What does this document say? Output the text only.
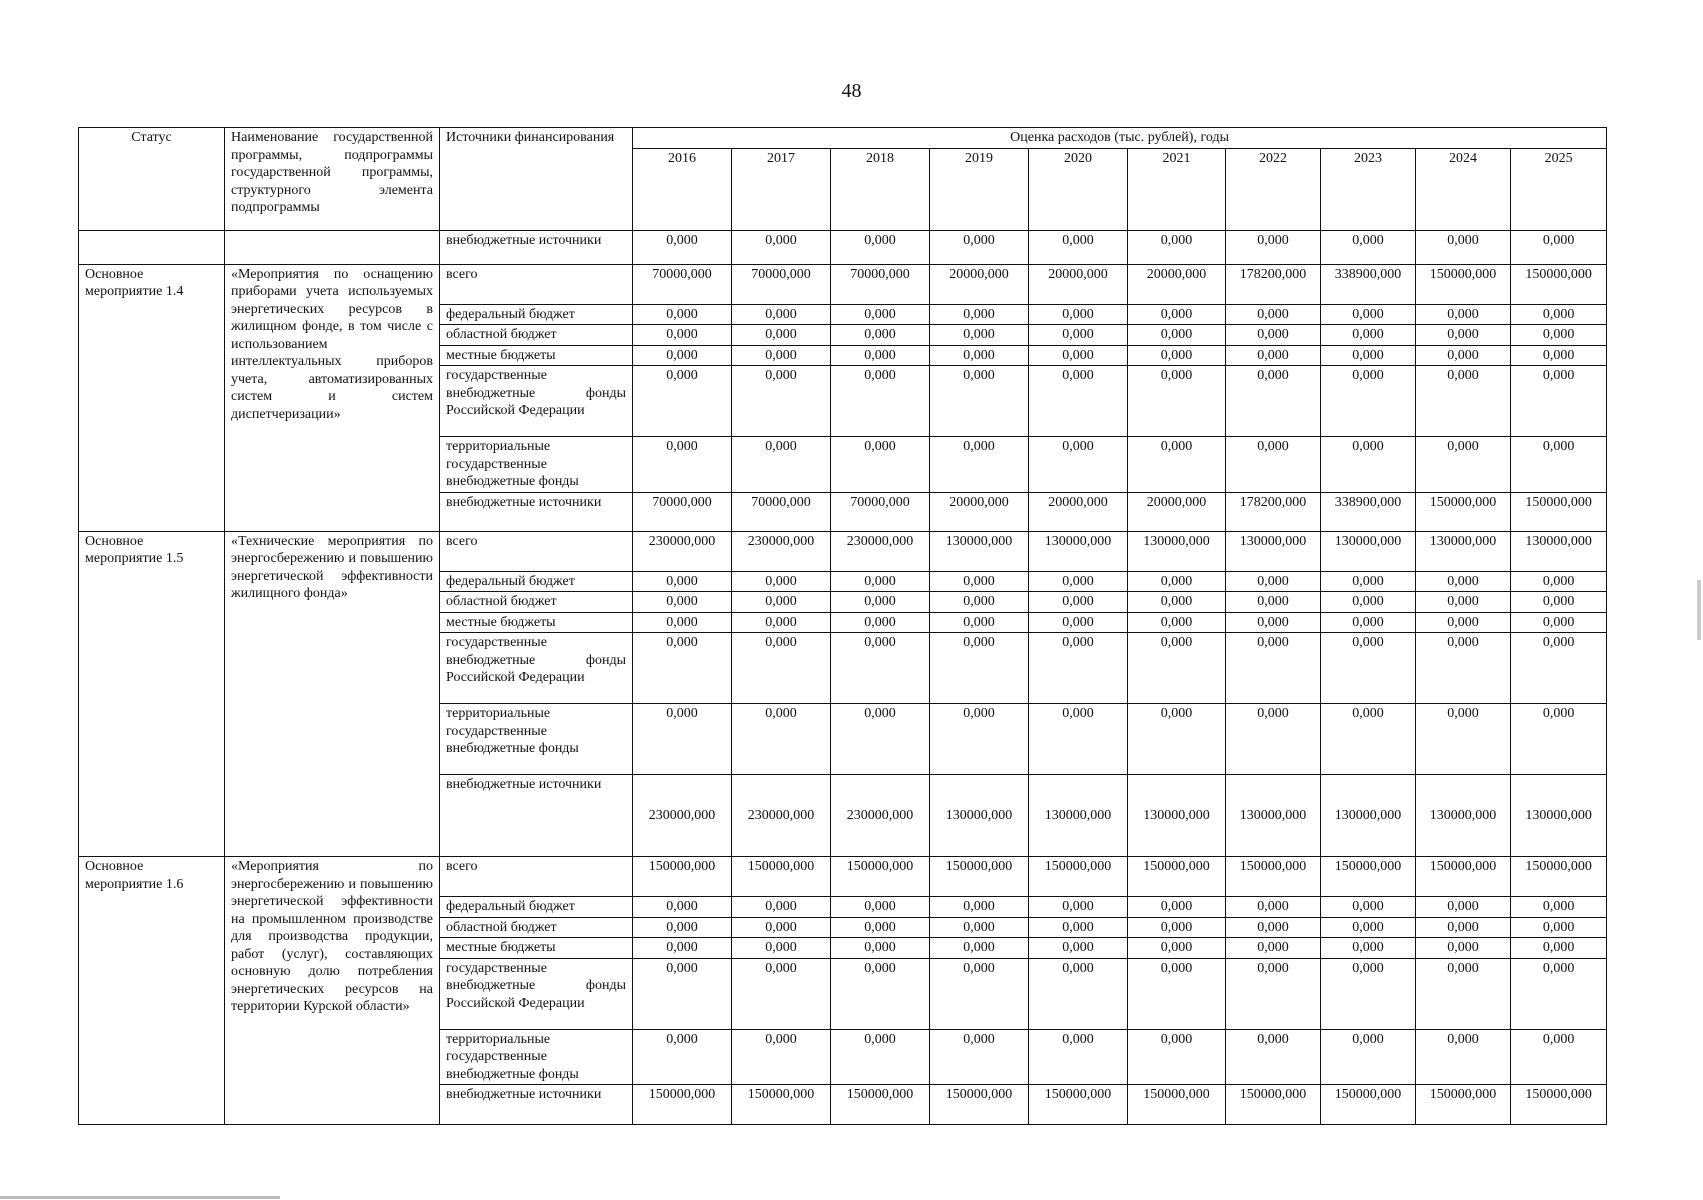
48
Статус	Наименование государственной программы, подпрограммы государственной программы, структурного элемента подпрограммы	Источники финансирования	Оценка расходов (тыс. рублей), годы									
			2016	2017	2018	2019	2020	2021	2022	2023	2024	2025
		внебюджетные источники	0,000	0,000	0,000	0,000	0,000	0,000	0,000	0,000	0,000	0,000
Основное мероприятие 1.4	«Мероприятия по оснащению приборами учета используемых энергетических ресурсов в жилищном фонде, в том числе с использованием интеллектуальных приборов учета, автоматизированных систем и систем диспетчеризации»	всего	70000,000	70000,000	70000,000	20000,000	20000,000	20000,000	178200,000	338900,000	150000,000	150000,000
		федеральный бюджет	0,000	0,000	0,000	0,000	0,000	0,000	0,000	0,000	0,000	0,000
		областной бюджет	0,000	0,000	0,000	0,000	0,000	0,000	0,000	0,000	0,000	0,000
		местные бюджеты	0,000	0,000	0,000	0,000	0,000	0,000	0,000	0,000	0,000	0,000
		государственные внебюджетные фонды Российской Федерации	0,000	0,000	0,000	0,000	0,000	0,000	0,000	0,000	0,000	0,000
		территориальные государственные внебюджетные фонды	0,000	0,000	0,000	0,000	0,000	0,000	0,000	0,000	0,000	0,000
		внебюджетные источники	70000,000	70000,000	70000,000	20000,000	20000,000	20000,000	178200,000	338900,000	150000,000	150000,000
Основное мероприятие 1.5	«Технические мероприятия по энергосбережению и повышению энергетической эффективности жилищного фонда»	всего	230000,000	230000,000	230000,000	130000,000	130000,000	130000,000	130000,000	130000,000	130000,000	130000,000
		федеральный бюджет	0,000	0,000	0,000	0,000	0,000	0,000	0,000	0,000	0,000	0,000
		областной бюджет	0,000	0,000	0,000	0,000	0,000	0,000	0,000	0,000	0,000	0,000
		местные бюджеты	0,000	0,000	0,000	0,000	0,000	0,000	0,000	0,000	0,000	0,000
		государственные внебюджетные фонды Российской Федерации	0,000	0,000	0,000	0,000	0,000	0,000	0,000	0,000	0,000	0,000
		территориальные государственные внебюджетные фонды	0,000	0,000	0,000	0,000	0,000	0,000	0,000	0,000	0,000	0,000
		внебюджетные источники	230000,000	230000,000	230000,000	130000,000	130000,000	130000,000	130000,000	130000,000	130000,000	130000,000
Основное мероприятие 1.6	«Мероприятия по энергосбережению и повышению энергетической эффективности на промышленном производстве для производства продукции, работ (услуг), составляющих основную долю потребления энергетических ресурсов на территории Курской области»	всего	150000,000	150000,000	150000,000	150000,000	150000,000	150000,000	150000,000	150000,000	150000,000	150000,000
		федеральный бюджет	0,000	0,000	0,000	0,000	0,000	0,000	0,000	0,000	0,000	0,000
		областной бюджет	0,000	0,000	0,000	0,000	0,000	0,000	0,000	0,000	0,000	0,000
		местные бюджеты	0,000	0,000	0,000	0,000	0,000	0,000	0,000	0,000	0,000	0,000
		государственные внебюджетные фонды Российской Федерации	0,000	0,000	0,000	0,000	0,000	0,000	0,000	0,000	0,000	0,000
		территориальные государственные внебюджетные фонды	0,000	0,000	0,000	0,000	0,000	0,000	0,000	0,000	0,000	0,000
		внебюджетные источники	150000,000	150000,000	150000,000	150000,000	150000,000	150000,000	150000,000	150000,000	150000,000	150000,000
